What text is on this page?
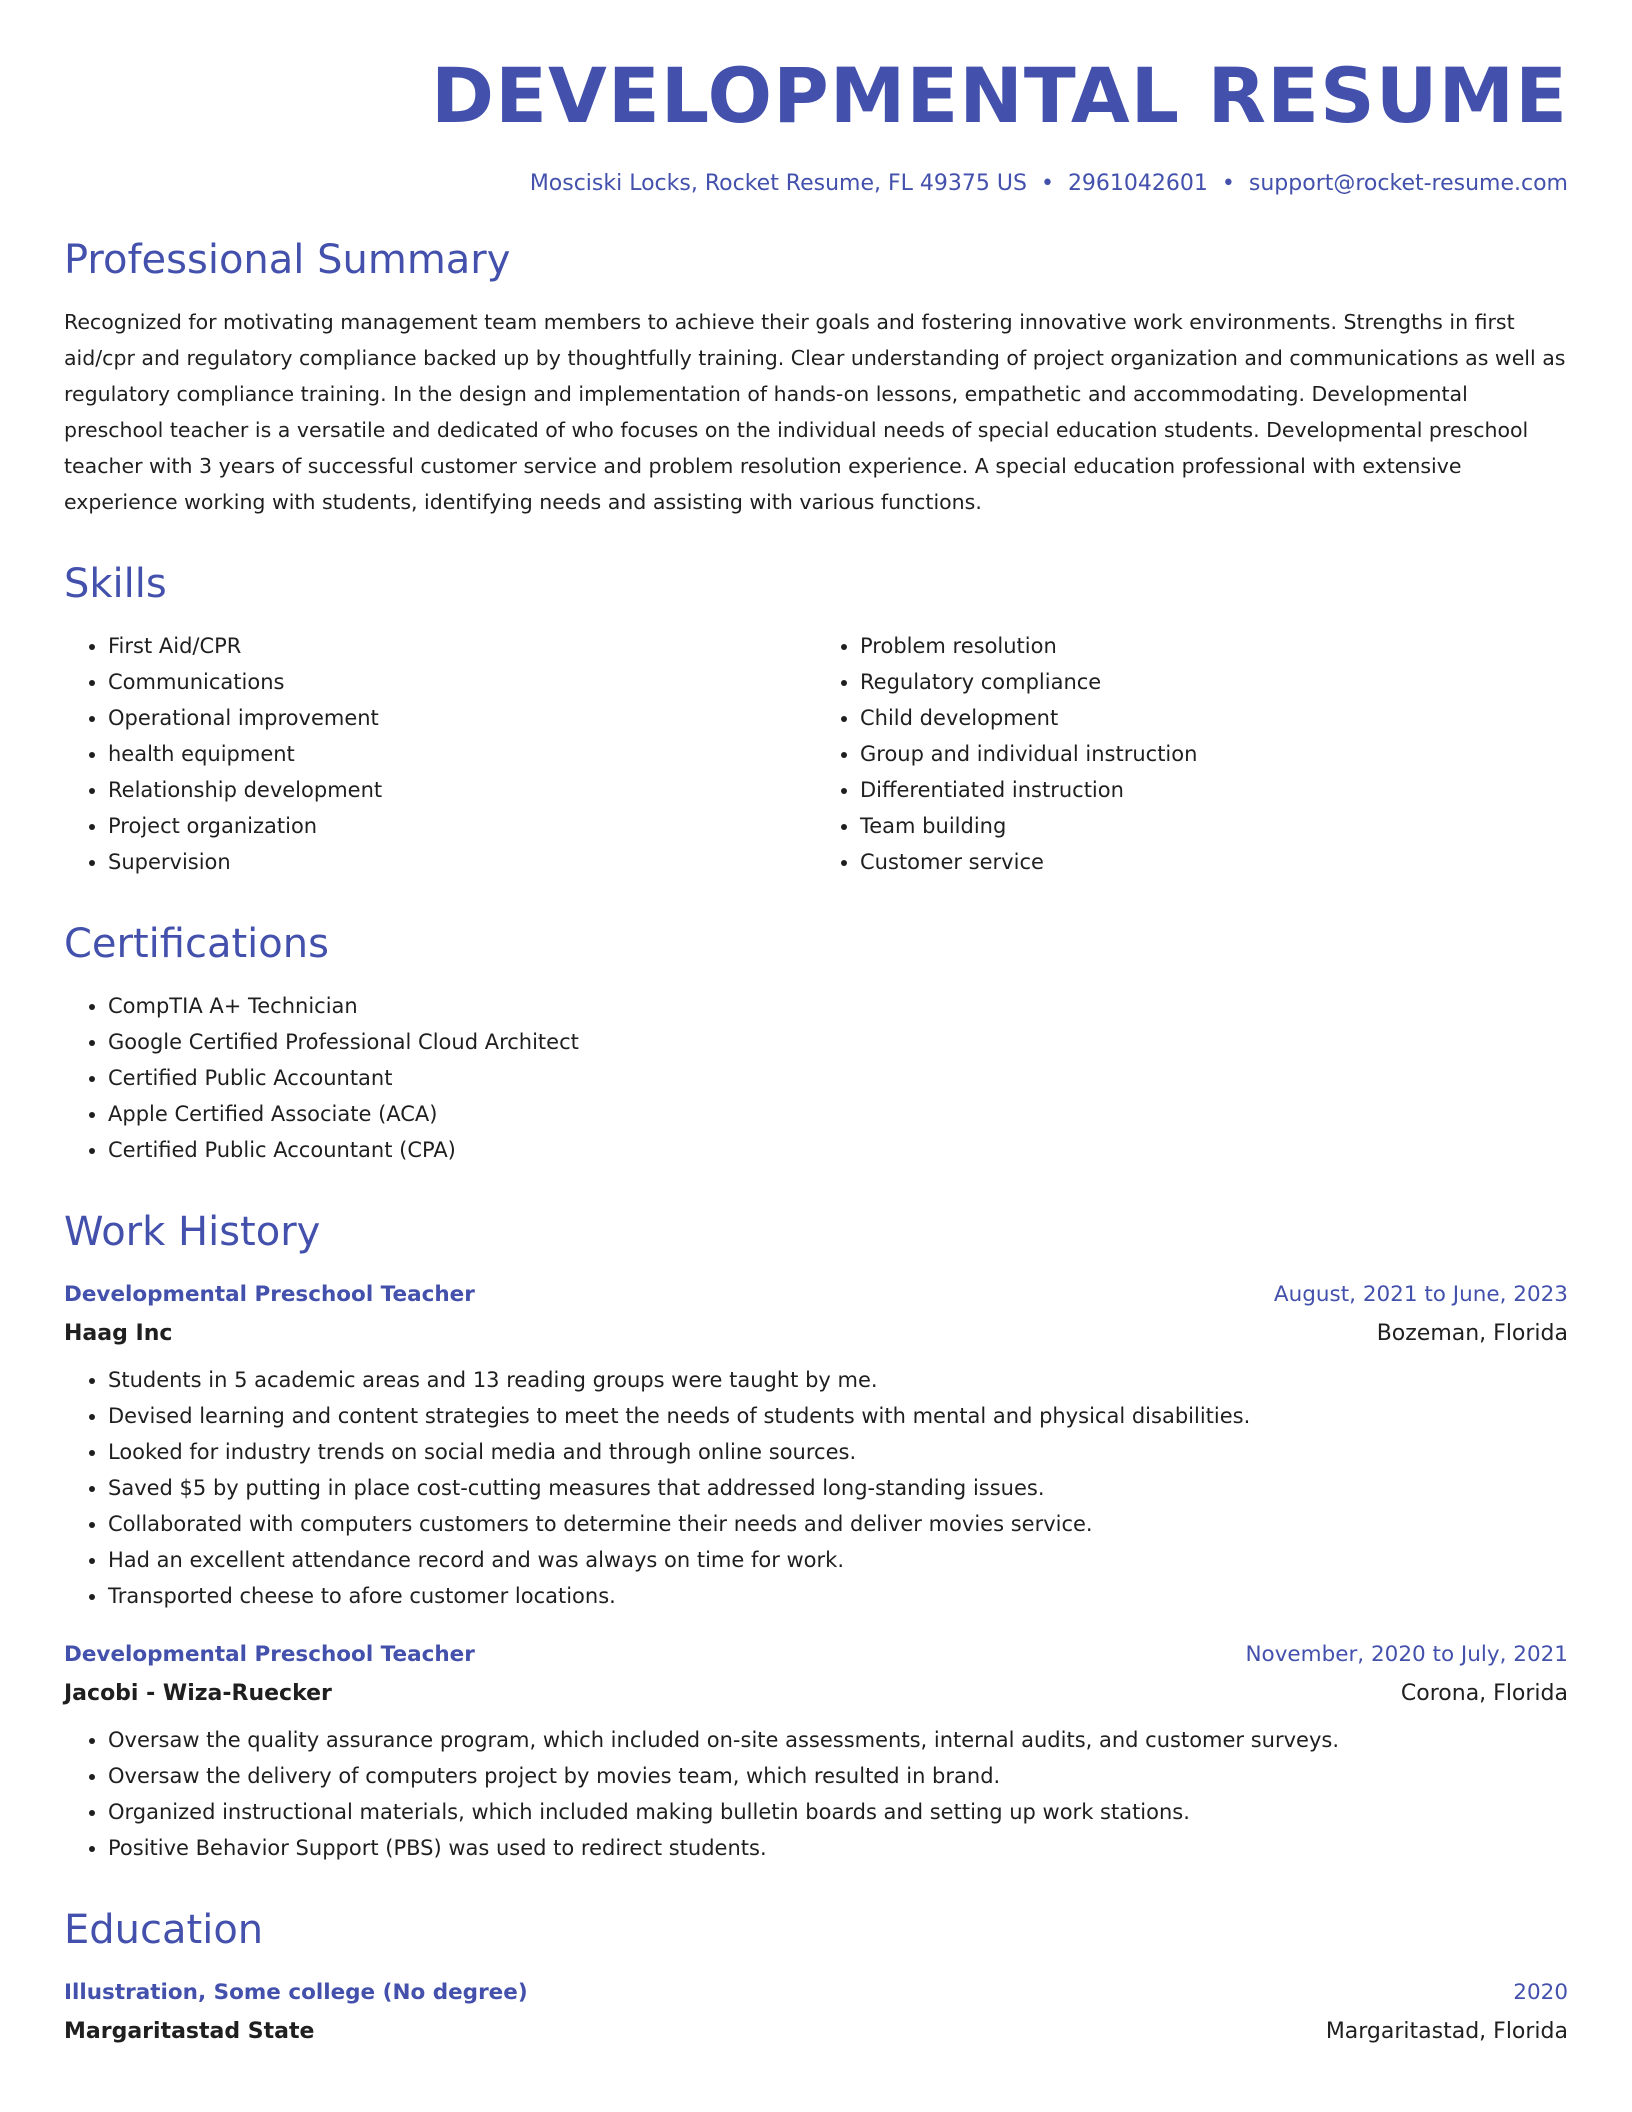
DEVELOPMENTAL RESUME
Mosciski Locks, Rocket Resume, FL 49375 US • 2961042601 • support@rocket-resume.com
Professional Summary

Recognized for motivating management team members to achieve their goals and fostering innovative work environments. Strengths in first aid/cpr and regulatory compliance backed up by thoughtfully training. Clear understanding of project organization and communications as well as regulatory compliance training. In the design and implementation of hands-on lessons, empathetic and accommodating. Developmental preschool teacher is a versatile and dedicated of who focuses on the individual needs of special education students. Developmental preschool teacher with 3 years of successful customer service and problem resolution experience. A special education professional with extensive experience working with students, identifying needs and assisting with various functions.

Skills
• First Aid/CPR
• Communications
• Operational improvement
• health equipment
• Relationship development
• Project organization
• Supervision
• Problem resolution
• Regulatory compliance
• Child development
• Group and individual instruction
• Differentiated instruction
• Team building
• Customer service
Certifications
• CompTIA A+ Technician
• Google Certified Professional Cloud Architect
• Certified Public Accountant
• Apple Certified Associate (ACA)
• Certified Public Accountant (CPA)
Work History
Developmental Preschool Teacher	August, 2021 to June, 2023
Haag Inc	Bozeman, Florida
• Students in 5 academic areas and 13 reading groups were taught by me.
• Devised learning and content strategies to meet the needs of students with mental and physical disabilities.
• Looked for industry trends on social media and through online sources.
• Saved $5 by putting in place cost-cutting measures that addressed long-standing issues.
• Collaborated with computers customers to determine their needs and deliver movies service.
• Had an excellent attendance record and was always on time for work.
• Transported cheese to afore customer locations.
Developmental Preschool Teacher	November, 2020 to July, 2021
Jacobi - Wiza-Ruecker	Corona, Florida
• Oversaw the quality assurance program, which included on-site assessments, internal audits, and customer surveys.
• Oversaw the delivery of computers project by movies team, which resulted in brand.
• Organized instructional materials, which included making bulletin boards and setting up work stations.
• Positive Behavior Support (PBS) was used to redirect students.
Education
Illustration, Some college (No degree)	2020
Margaritastad State	Margaritastad, Florida
